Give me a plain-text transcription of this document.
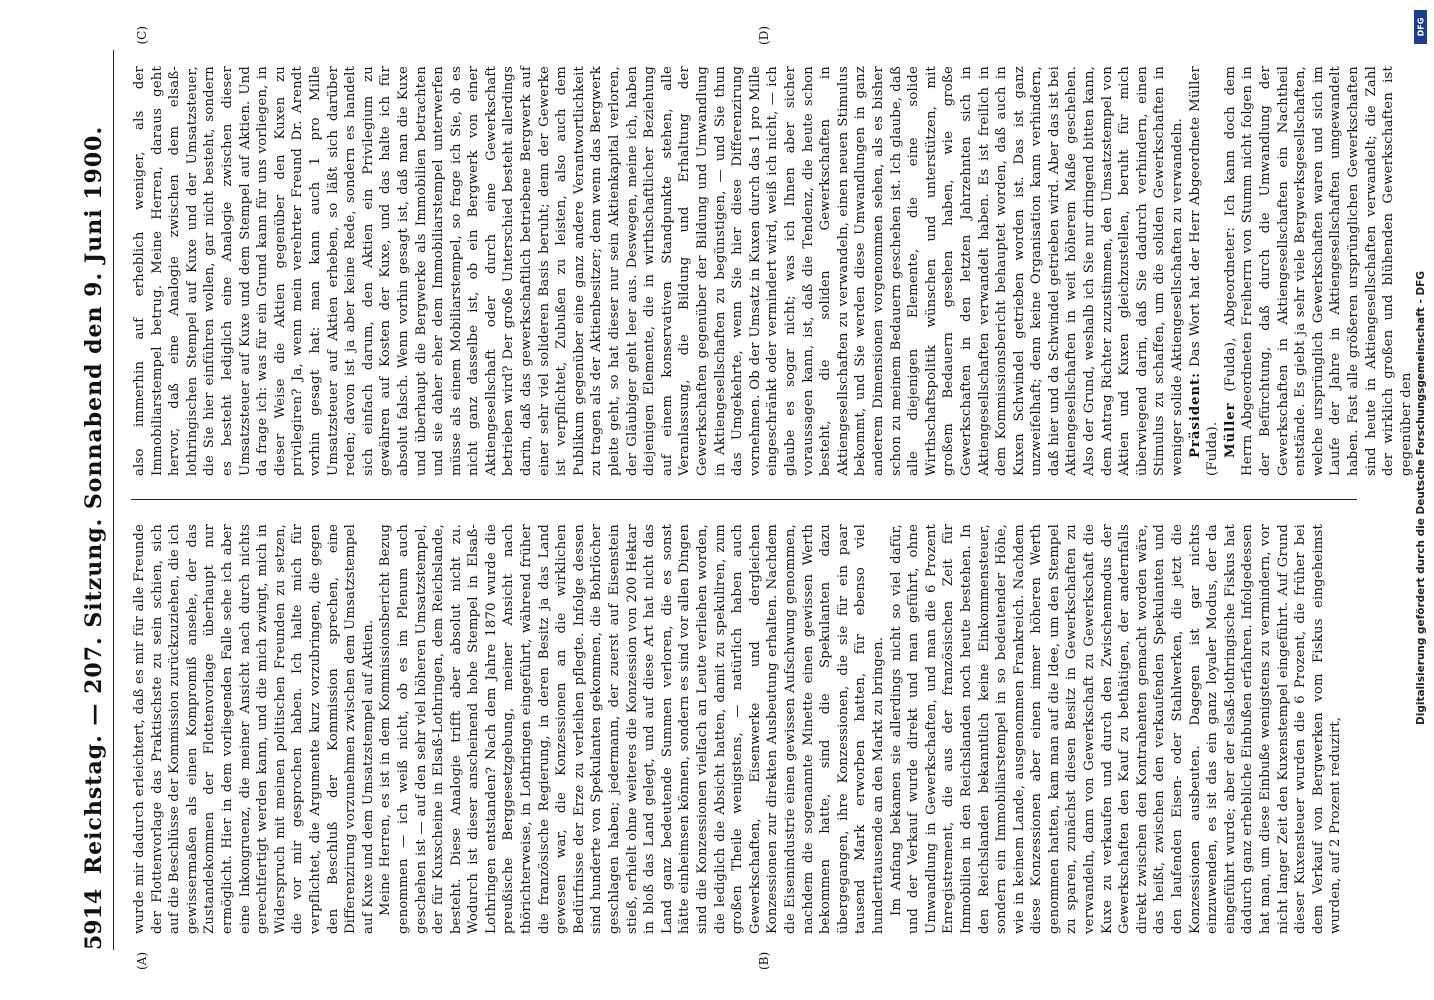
5914
Reichstag. — 207. Sitzung. Sonnabend den 9. Juni 1900.
(A)	(B)
(C)	(D)

wurde mir dadurch erleichtert, daß es mir für alle Freunde der Flottenvorlage das Praktischste zu sein schien, sich auf die Beschlüsse der Kommission zurückzuziehen, die ich gewissermaßen als einen Kompromiß ansehe, der das Zustandekommen der Flottenvorlage überhaupt nur ermöglicht. Hier in dem vorliegenden Falle sehe ich aber eine Inkongruenz, die meiner Ansicht nach durch nichts gerechtfertigt werden kann, und die mich zwingt, mich in Widerspruch mit meinen politischen Freunden zu setzen, die vor mir gesprochen haben. Ich halte mich für verpflichtet, die Argumente kurz vorzubringen, die gegen den Beschluß der Kommission sprechen, eine Differenzirung vorzunehmen zwischen dem Umsatzstempel auf Kuxe und dem Umsatzstempel auf Aktien. Meine Herren, es ist in dem Kommissionsbericht Bezug genommen — ich weiß nicht, ob es im Plenum auch geschehen ist — auf den sehr viel höheren Umsatzstempel, der für Kuxscheine in Elsaß-Lothringen, dem Reichslande, besteht. Diese Analogie trifft aber absolut nicht zu. Wodurch ist dieser anscheinend hohe Stempel in Elsaß-Lothringen entstanden? Nach dem Jahre 1870 wurde die preußische Berggesetzgebung, meiner Ansicht nach thörichterweise, in Lothringen eingeführt, während früher die französische Regierung, in deren Besitz ja das Land gewesen war, die Konzessionen an die wirklichen Bedürfnisse der Erze zu verleihen pflegte. Infolge dessen sind hunderte von Spekulanten gekommen, die Bohrlöcher geschlagen haben; jedermann, der zuerst auf Eisenstein stieß, erhielt ohne weiteres die Konzession von 200 Hektar in bloß das Land gelegt, und auf diese Art hat nicht das Land ganz bedeutende Summen verloren, die es sonst hätte einheimsen können, sondern es sind vor allen Dingen sind die Konzessionen vielfach an Leute verliehen worden, die lediglich die Absicht hatten, damit zu spekuliren, zum großen Theile wenigstens, — natürlich haben auch Gewerkschaften, Eisenwerke und dergleichen Konzessionen zur direkten Ausbeutung erhalten. Nachdem die Eisenindustrie einen gewissen Aufschwung genommen, nachdem die sogenannte Minette einen gewissen Werth bekommen hatte, sind die Spekulanten dazu übergegangen, ihre Konzessionen, die sie für ein paar tausend Mark erworben hatten, für ebenso viel hunderttausende an den Markt zu bringen. Im Anfang bekamen sie allerdings nicht so viel dafür, und der Verkauf wurde direkt und man geführt, ohne Umwandlung in Gewerkschaften, und man die 6 Prozent Enregistrement, die aus der französischen Zeit für Immobilien in den Reichslanden noch heute bestehen. In den Reichslanden bekanntlich keine Einkommensteuer, sondern ein Immobiliarstempel in so bedeutender Höhe, wie in keinem Lande, ausgenommen Frankreich. Nachdem diese Konzessionen aber einen immer höheren Werth genommen hatten, kam man auf die Idee, um den Stempel zu sparen, zunächst diesen Besitz in Gewerkschaften zu verwandeln, dann von Gewerkschaft zu Gewerkschaft die Kuxe zu verkaufen und durch den Zwischenmodus der Gewerkschaften den Kauf zu bethätigen, der andernfalls direkt zwischen den Kontrahenten gemacht worden wäre, das heißt, zwischen den verkaufenden Spekulanten und den laufenden Eisen- oder Stahlwerken, die jetzt die Konzessionen ausbeuten. Dagegen ist gar nichts einzuwenden, es ist das ein ganz loyaler Modus, der da eingeführt wurde; aber der elsaß-lothringische Fiskus hat dadurch ganz erhebliche Einbußen erfahren. Infolgedessen hat man, um diese Einbuße wenigstens zu vermindern, vor nicht langer Zeit den Kuxenstempel eingeführt. Auf Grund dieser Kuxensteuer wurden die 6 Prozent, die früher bei dem Verkauf von Bergwerken vom Fiskus eingeheimst wurden, auf 2 Prozent reduzirt,

also immerhin auf erheblich weniger, als der Immobiliarstempel betrug. Meine Herren, daraus geht hervor, daß eine Analogie zwischen dem elsaß-lothringischen Stempel auf Kuxe und der Umsatzsteuer, die Sie hier einführen wollen, gar nicht besteht, sondern es besteht lediglich eine Analogie zwischen dieser Umsatzsteuer auf Kuxe und dem Stempel auf Aktien. Und da frage ich: was für ein Grund kann für uns vorliegen, in dieser Weise die Aktien gegenüber den Kuxen zu privilegiren? Ja, wenn mein verehrter Freund Dr. Arendt vorhin gesagt hat: man kann auch 1 pro Mille Umsatzsteuer auf Aktien erheben, so läßt sich darüber reden; davon ist ja aber keine Rede, sondern es handelt sich einfach darum, den Aktien ein Privilegium zu gewähren auf Kosten der Kuxe, und das halte ich für absolut falsch. Wenn vorhin gesagt ist, daß man die Kuxe und überhaupt die Bergwerke als Immobilien betrachten und sie daher eher dem Immobiliarstempel unterwerfen müsse als einem Mobiliarstempel, so frage ich Sie, ob es nicht ganz dasselbe ist, ob ein Bergwerk von einer Aktiengesellschaft oder durch eine Gewerkschaft betrieben wird? Der große Unterschied besteht allerdings darin, daß das gewerkschaftlich betriebene Bergwerk auf einer sehr viel solideren Basis beruht; denn der Gewerke ist verpflichtet, Zubußen zu leisten, also auch dem Publikum gegenüber eine ganz andere Verantwortlichkeit zu tragen als der Aktienbesitzer; denn wenn das Bergwerk pleite geht, so hat dieser nur sein Aktienkapital verloren, der Gläubiger geht leer aus. Deswegen, meine ich, haben diejenigen Elemente, die in wirthschaftlicher Beziehung auf einem konservativen Standpunkte stehen, alle Veranlassung, die Bildung und Erhaltung der Gewerkschaften gegenüber der Bildung und Umwandlung in Aktiengesellschaften zu begünstigen, — und Sie thun das Umgekehrte, wenn Sie hier diese Differenzirung vornehmen. Ob der Umsatz in Kuxen durch das 1 pro Mille eingeschränkt oder vermindert wird, weiß ich nicht, — ich glaube es sogar nicht; was ich Ihnen aber sicher voraussagen kann, ist, daß die Tendenz, die heute schon besteht, die soliden Gewerkschaften in Aktiengesellschaften zu verwandeln, einen neuen Stimulus bekommt, und Sie werden diese Umwandlungen in ganz anderem Dimensionen vorgenommen sehen, als es bisher schon zu meinem Bedauern geschehen ist. Ich glaube, daß alle diejenigen Elemente, die eine solide Wirthschaftspolitik wünschen und unterstützen, mit großem Bedauern gesehen haben, wie große Gewerkschaften in den letzten Jahrzehnten sich in Aktiengesellschaften verwandelt haben. Es ist freilich in dem Kommissionsbericht behauptet worden, daß auch in Kuxen Schwindel getrieben worden ist. Das ist ganz unzweifelhaft; denn keine Organisation kann verhindern, daß hier und da Schwindel getrieben wird. Aber das ist bei Aktiengesellschaften in weit höherem Maße geschehen. Also der Grund, weshalb ich Sie nur dringend bitten kann, dem Antrag Richter zuzustimmen, den Umsatzstempel von Aktien und Kuxen gleichzustellen, beruht für mich überwiegend darin, daß Sie dadurch verhindern, einen Stimulus zu schaffen, um die soliden Gewerkschaften in weniger solide Aktiengesellschaften zu verwandeln. Präsident: Das Wort hat der Herr Abgeordnete Müller (Fulda). Müller (Fulda), Abgeordneter: Ich kann doch dem Herrn Abgeordneten Freiherrn von Stumm nicht folgen in der Befürchtung, daß durch die Umwandlung der Gewerkschaften in Aktiengesellschaften ein Nachtheil entstände. Es giebt ja sehr viele Bergwerksgesellschaften, welche ursprünglich Gewerkschaften waren und sich im Laufe der Jahre in Aktiengesellschaften umgewandelt haben. Fast alle größeren ursprünglichen Gewerkschaften sind heute in Aktiengesellschaften verwandelt; die Zahl der wirklich großen und blühenden Gewerkschaften ist gegenüber den

DFG
Digitalisierung gefördert durch die Deutsche Forschungsgemeinschaft - DFG
